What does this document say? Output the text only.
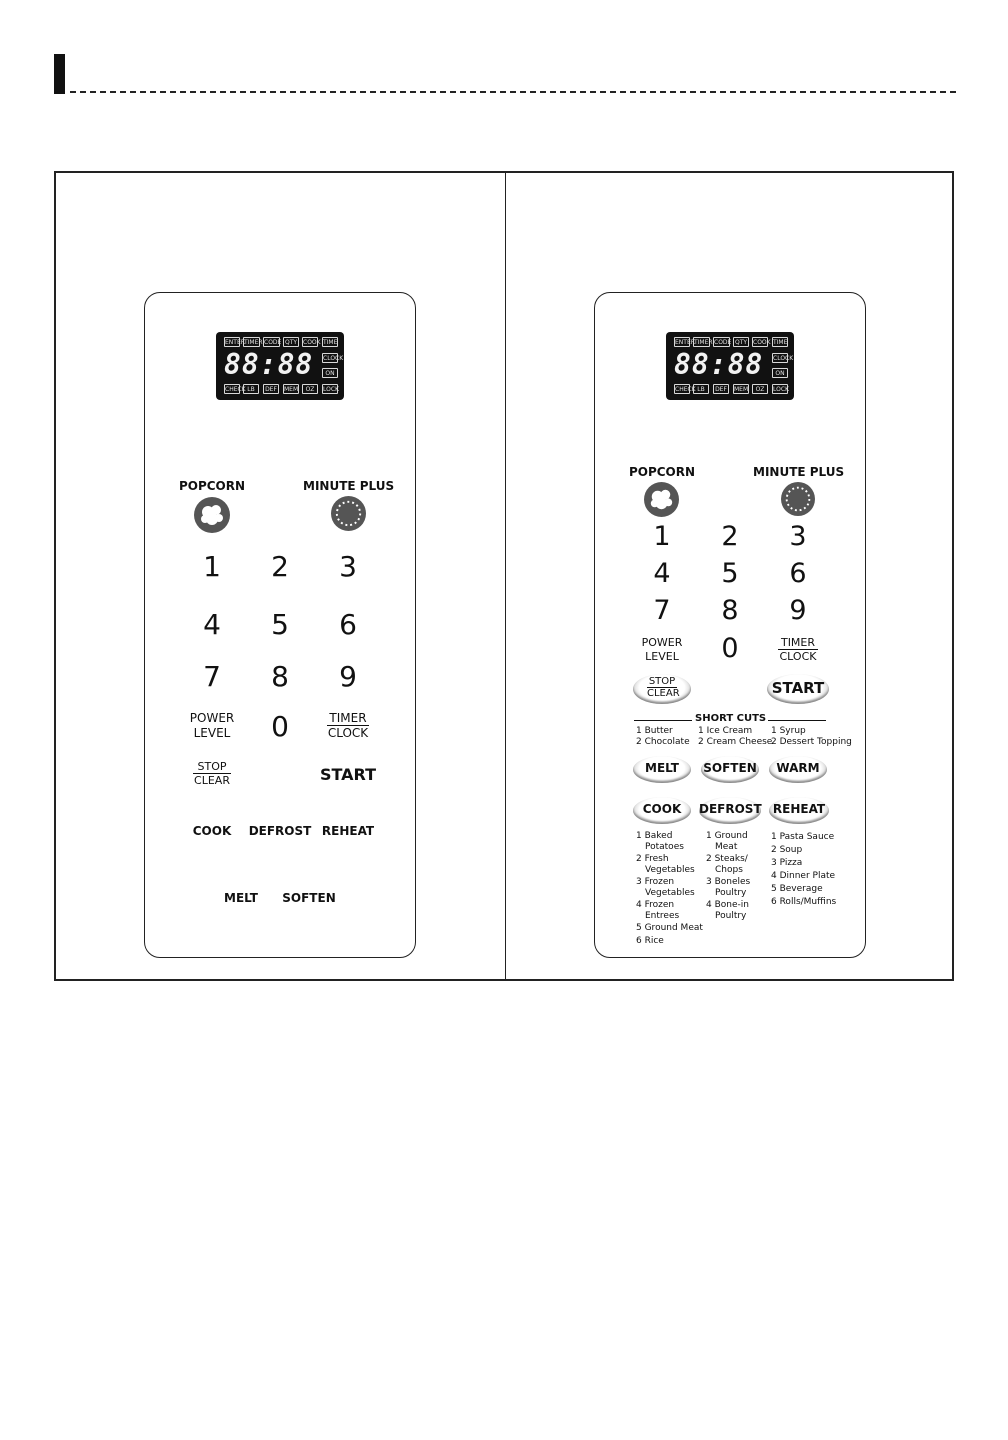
ENTER TIMER CODE QTY COOK TIME
88:88 CLOCK
ON
CHECK LB	DEF	MEM	OZ	LOCK
POPCORN	MINUTE PLUS
1 2 3
4 5 6
7 8 9
0
POWER
LEVEL
TIMER
CLOCK
STOP
CLEAR	START
COOK	DEFROST REHEAT
MELT	SOFTEN
ENTER TIMER CODE QTY COOK TIME
88:88 CLOCK
ON
CHECK LB	DEF	MEM	OZ	LOCK
POPCORN	MINUTE PLUS
1 2 3
4 5 6
7 8 9
0
POWER
LEVEL
TIMER
CLOCK
STOP
CLEAR	START
SHORT CUTS
1 Butter
2 Chocolate
1 Ice Cream
2 Cream Cheese
1 Syrup
2 Dessert Topping
MELT	SOFTEN	WARM
COOK	DEFROST REHEAT
1 Baked
Potatoes
2 Fresh
Vegetables
3 Frozen
Vegetables
4 Frozen
Entrees
5 Ground Meat
6 Rice
1 Ground
Meat
2 Steaks/
Chops
3 Boneles
Poultry
4 Bone-in
Poultry
1 Pasta Sauce
2 Soup
3 Pizza
4 Dinner Plate
5 Beverage
6 Rolls/Muffins
